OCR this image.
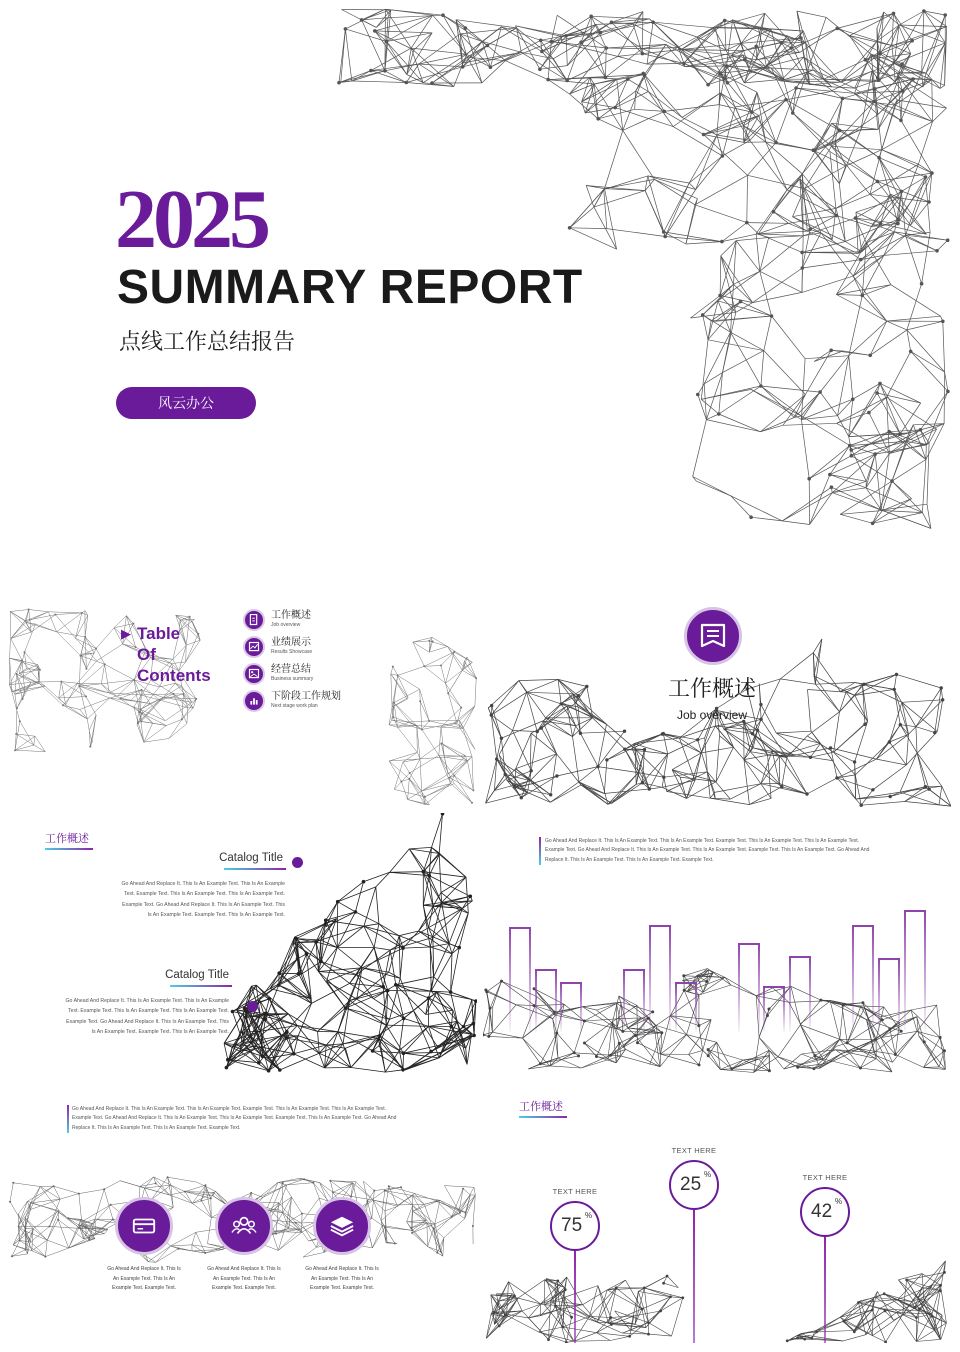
2025
SUMMARY REPORT
点线工作总结报告
风云办公
▶ Table
Of
Contents
工作概述
Job overview
业绩展示
Results Showcase
经营总结
Business summary
下阶段工作规划
Next stage work plan
工作概述
Job overview
工作概述
Catalog Title
Go Ahead And Replace It. This Is An Example Text. This Is An Example
Text. Example Text. This Is An Example Text. This Is An Example Text.
Example Text. Go Ahead And Replace It. This Is An Example Text. This
Is An Example Text. Example Text. This Is An Example Text.
Catalog Title
Go Ahead And Replace It. This Is An Example Text. This Is An Example
Text. Example Text. This Is An Example Text. This Is An Example Text.
Example Text. Go Ahead And Replace It. This Is An Example Text. This
Is An Example Text. Example Text. This Is An Example Text.
Go Ahead And Replace It. This Is An Example Text. This Is An Example Text. Example Text. This Is An Example Text. This Is An Example Text.
Example Text. Go Ahead And Replace It. This Is An Example Text. This Is An Example Text. Example Text. This Is An Example Text. Go Ahead And
Replace It. This Is An Example Text. This Is An Example Text. Example Text.
Go Ahead And Replace It. This Is An Example Text. This Is An Example Text. Example Text. This Is An Example Text. This Is An Example Text.
Example Text. Go Ahead And Replace It. This Is An Example Text. This Is An Example Text. Example Text. This Is An Example Text. Go Ahead And
Replace It. This Is An Example Text. This Is An Example Text. Example Text.
Go Ahead And Replace It. This Is
An Example Text. This Is An
Example Text. Example Text.
Go Ahead And Replace It. This Is
An Example Text. This Is An
Example Text. Example Text.
Go Ahead And Replace It. This Is
An Example Text. This Is An
Example Text. Example Text.
工作概述
TEXT HERE
75 %
TEXT HERE
25 %	TEXT HERE
42 %
